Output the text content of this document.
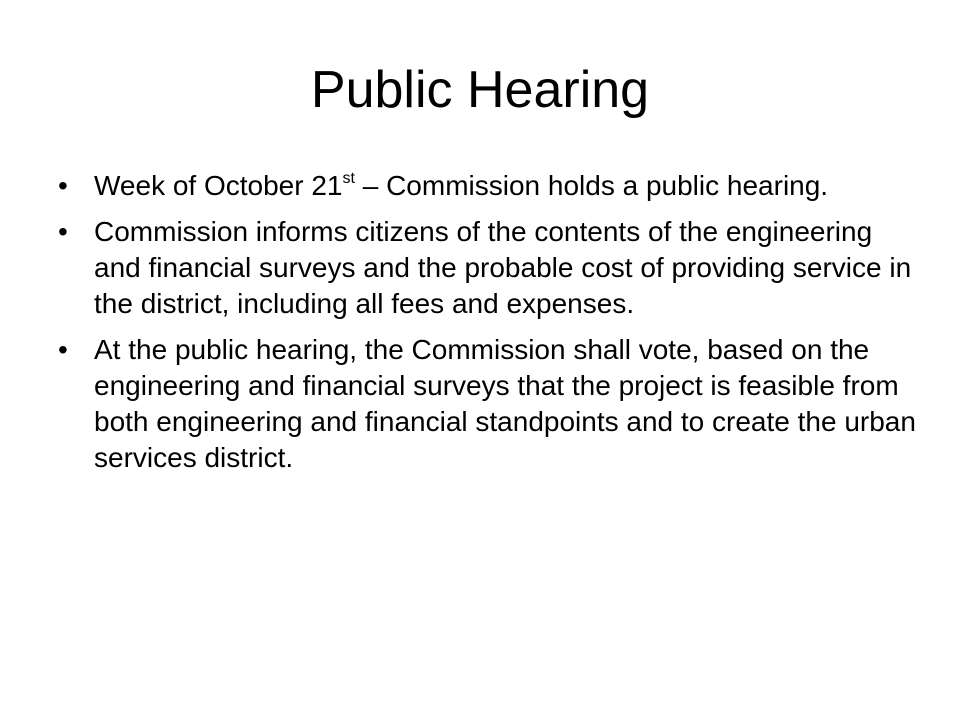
Public Hearing
• Week of October 21st – Commission holds a public hearing.
• Commission informs citizens of the contents of the engineering and financial surveys and the probable cost of providing service in the district, including all fees and expenses.
• At the public hearing, the Commission shall vote, based on the engineering and financial surveys that the project is feasible from both engineering and financial standpoints and to create the urban services district.
